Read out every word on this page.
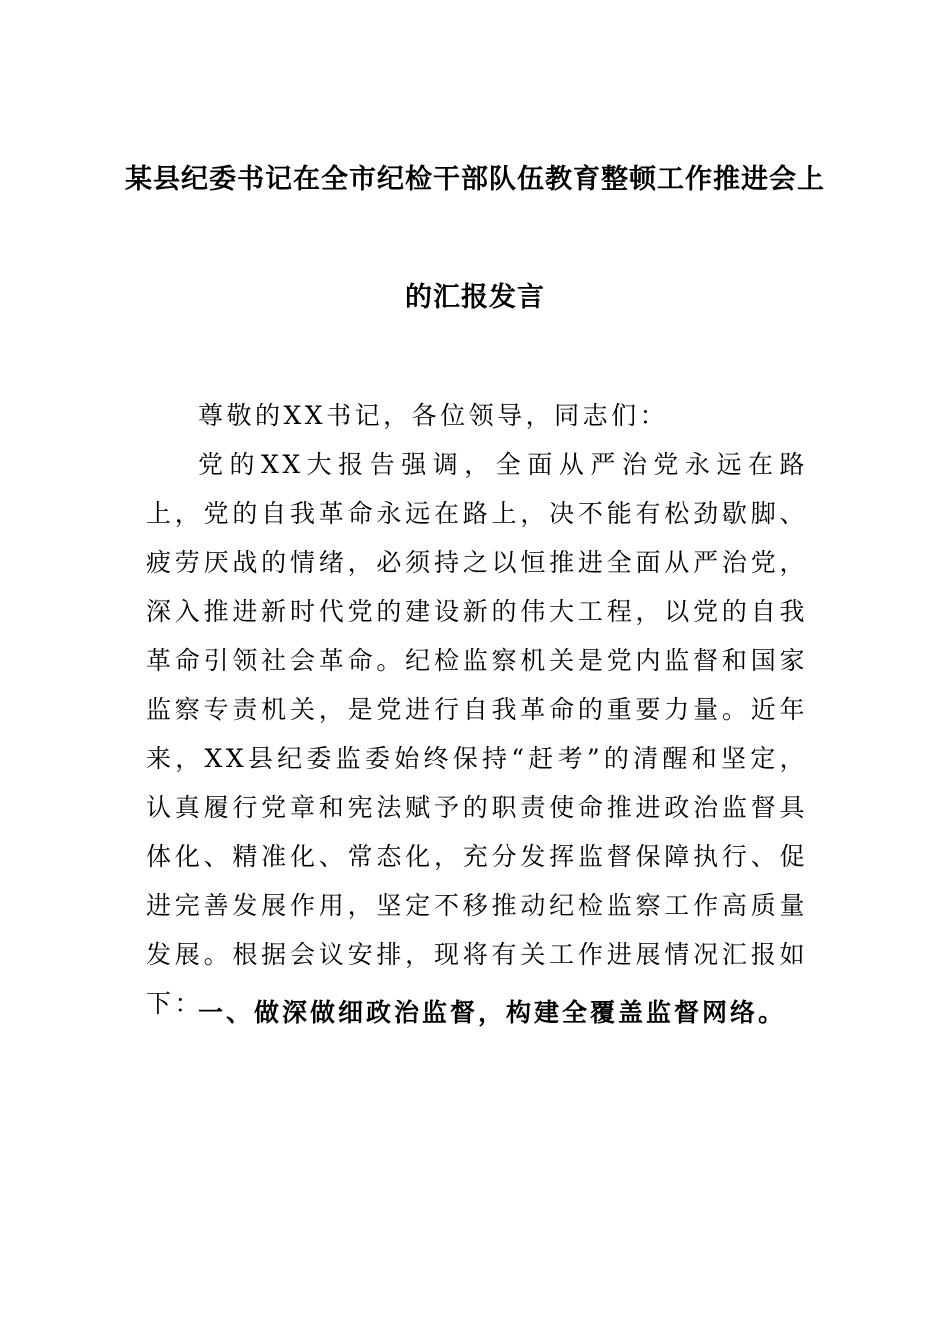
某县纪委书记在全市纪检干部队伍教育整顿工作推进会上
的汇报发言
尊敬的XX书记，各位领导，同志们：
党的XX大报告强调，全面从严治党永远在路上，党的自我革命永远在路上，决不能有松劲歇脚、疲劳厌战的情绪，必须持之以恒推进全面从严治党，深入推进新时代党的建设新的伟大工程，以党的自我革命引领社会革命。纪检监察机关是党内监督和国家监察专责机关，是党进行自我革命的重要力量。近年来，XX县纪委监委始终保持“赶考”的清醒和坚定，认真履行党章和宪法赋予的职责使命推进政治监督具体化、精准化、常态化，充分发挥监督保障执行、促进完善发展作用，坚定不移推动纪检监察工作高质量发展。根据会议安排，现将有关工作进展情况汇报如下：
一、做深做细政治监督，构建全覆盖监督网络。
